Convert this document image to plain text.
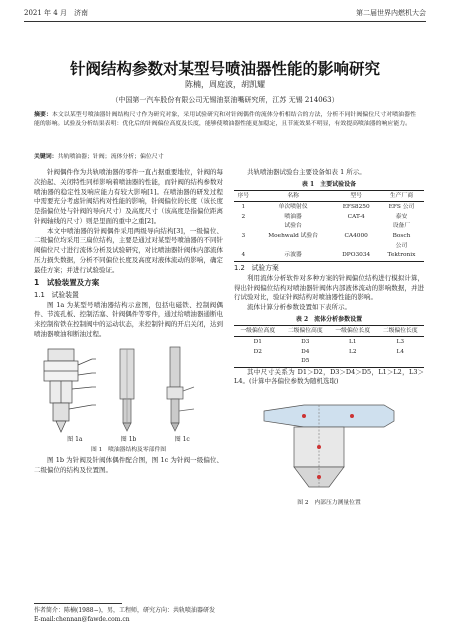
2021 年 4 月　济南	第二届世界内燃机大会
针阀结构参数对某型号喷油器性能的影响研究
陈楠，周庭波，胡凯耀
（中国第一汽车股份有限公司无锡油泵油嘴研究所，江苏 无锡 214063）
摘要：本文以某型号喷油器针阀结构尺寸作为研究对象，采用试验研究和对针阀偶件的流体分析相结合的方法，分析不同针阀偏位尺寸对喷油器性能的影响。试验及分析结果表明：优化后的针阀偏位高度及长度，能够使喷油器性能更加稳定，且节流效果不明显，有效提高喷油器的响应能力。
关键词：共轨喷油器；针阀；流体分析；偏位尺寸

针阀偶件作为共轨喷油器的零件一直占据重要地位，针阀的每次抬起、关闭特性同样影响着喷油器的性能，而针阀的结构参数对喷油器的稳定性及响应能力有较大影响[1]。在喷油器的研发过程中需要充分考虑针阀结构对性能的影响，针阀偏位的长度（该长度是指偏位处与针阀的导向尺寸）及高度尺寸（该高度是指偏位距离针阀轴线的尺寸）则是里面的重中之重[2]。

本文中喷油器的针阀偶件采用两级导向结构[3]，一级偏位、二级偏位均采用三扁位结构，主要是通过对某型号喷油器的不同针阀偏位尺寸进行流体分析及试验研究，对比喷油器针阀体内部流体压力损失数据，分析不同偏位长度及高度对液体流动的影响，确定最佳方案；并进行试验验证。

1　试验装置及方案
1.1　试验装置

图 1a 为某型号喷油器结构示意图，包括电磁铁、控制阀偶件、节流孔板、控制活塞、针阀偶件等零件，通过给喷油器通断电来控制衔铁在控制阀中的运动状态，来控制针阀的开启关闭，达到喷油器喷油和断油过程。

图 1a	图 1b	图 1c
图 1　喷油器结构及零部件图

图 1b 为针阀及针阀体偶件配合图，图 1c 为针阀一级偏位、二级偏位的结构及位置图。

共轨喷油器试验台主要设备如表 1 所示。

表 1　主要试验设备
序号	名称	型号	生产厂商
1	单次喷射仪	EFS8250	EFS 公司
2	喷油器	CAT-4	泰安
	试验台		设备厂
3	Moehwald 试验台	CA4000	Bosch
			公司
4	示波器	DPO3034	Tektronix
1.2　试验方案

利用流体分析软件对多种方案的针阀偏位结构进行模拟计算，得出针阀偏位结构对喷油器针阀体内部液体流动的影响数据，并进行试验对比，验证针阀结构对喷油器性能的影响。

流体计算分析参数设置如下表所示。

表 2　流体分析参数设置
一级偏位高度	二级偏位高度	一级偏位长度	二级偏位长度
D1	D3	L1	L3
D2	D4	L2	L4
	D5		

其中尺寸关系为 D1＞D2，D3＞D4＞D5，L1＞L2，L3＞L4。(计算中各偏位参数为随机选取)

图 2　内部压力测量位置
作者简介：陈楠(1988−)，男，工程师，研究方向：共轨喷油器研发
E-mail:chennan@fawde.com.cn
